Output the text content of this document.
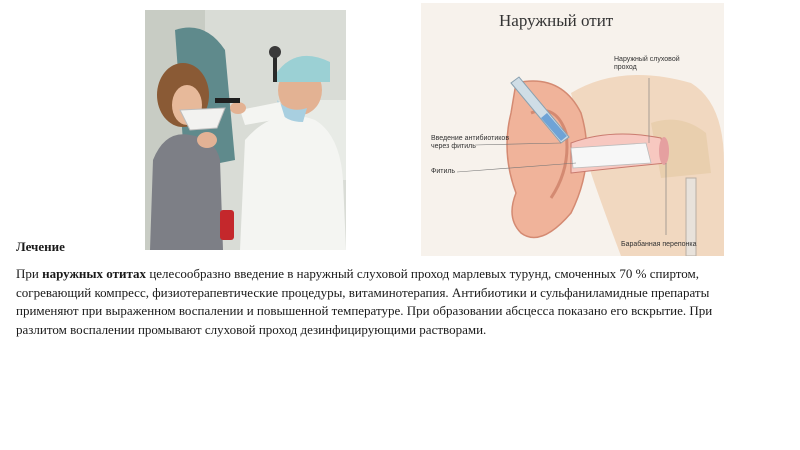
Наружный отит
Наружный слуховой
проход
Введение антибиотиков
через фитиль
Фитиль
Барабанная перепонка
Лечение
При наружных отитах целесообразно введение в наружный слуховой проход марлевых турунд, смоченных 70 % спиртом, согревающий компресс, физиотерапевтические процедуры, витаминотерапия. Антибиотики и сульфаниламидные препараты применяют при выраженном воспалении и повышенной температуре. При образовании абсцесса показано его вскрытие. При разлитом воспалении промывают слуховой проход дезинфицирующими растворами.
